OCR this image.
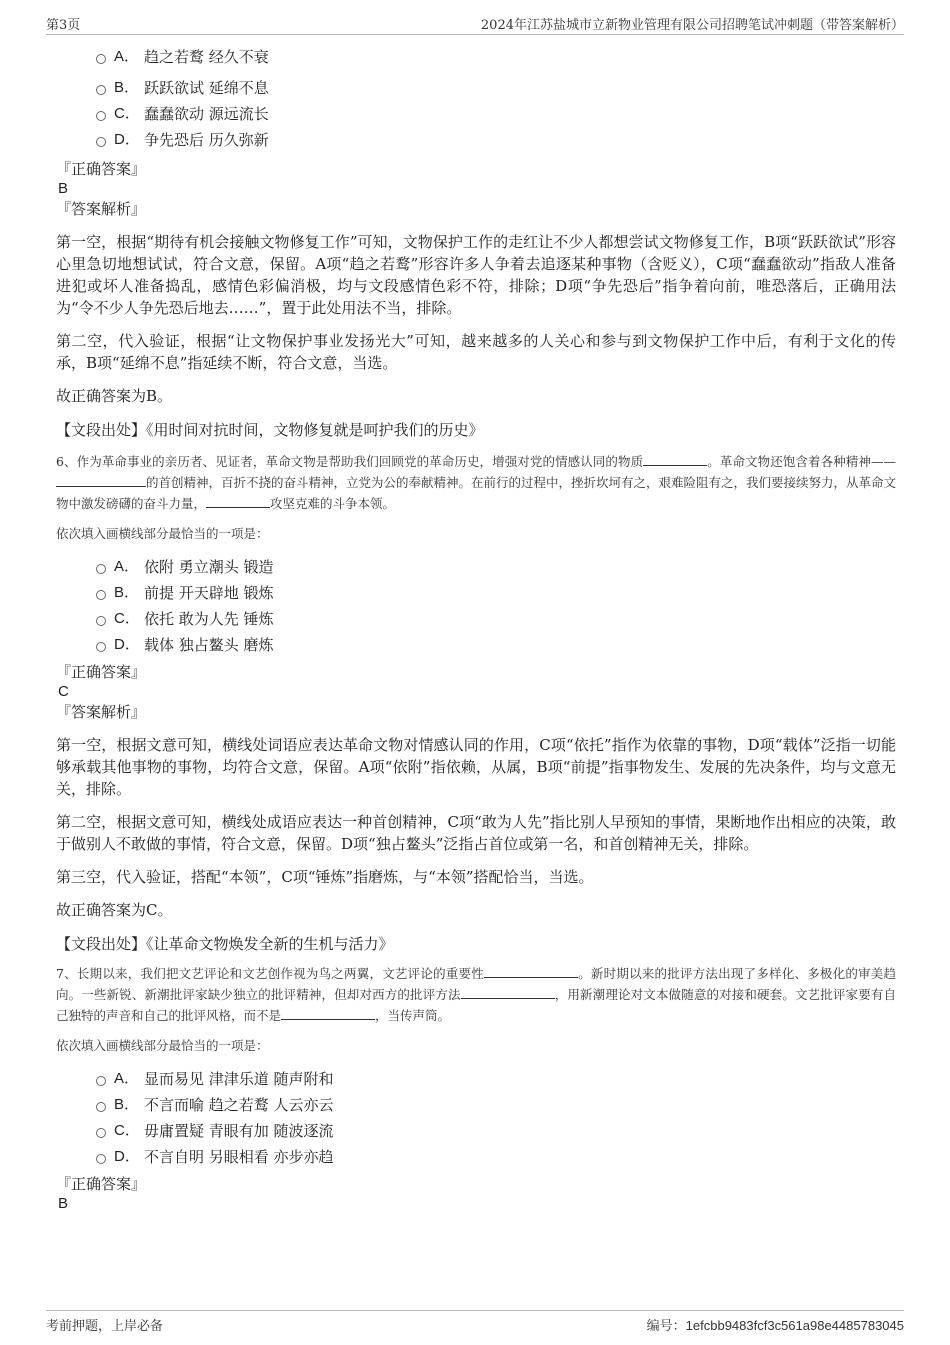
第3页	2024年江苏盐城市立新物业管理有限公司招聘笔试冲刺题（带答案解析）
A． 趋之若鹜 经久不衰
B． 跃跃欲试 延绵不息
C． 蠢蠢欲动 源远流长
D． 争先恐后 历久弥新
『正确答案』
B
『答案解析』

第一空，根据“期待有机会接触文物修复工作”可知，文物保护工作的走红让不少人都想尝试文物修复工作，B项“跃跃欲试”形容心里急切地想试试，符合文意，保留。A项“趋之若鹜”形容许多人争着去追逐某种事物（含贬义），C项“蠢蠢欲动”指敌人准备进犯或坏人准备捣乱，感情色彩偏消极，均与文段感情色彩不符，排除；D项“争先恐后”指争着向前，唯恐落后，正确用法为“令不少人争先恐后地去……”，置于此处用法不当，排除。

第二空，代入验证，根据“让文物保护事业发扬光大”可知，越来越多的人关心和参与到文物保护工作中后，有利于文化的传承，B项“延绵不息”指延续不断，符合文意，当选。

故正确答案为B。

【文段出处】《用时间对抗时间，文物修复就是呵护我们的历史》
6、作为革命事业的亲历者、见证者，革命文物是帮助我们回顾党的革命历史，增强对党的情感认同的物质	。革命文物还饱含着各种精神——的首创精神，百折不挠的奋斗精神，立党为公的奉献精神。在前行的过程中，挫折坎坷有之，艰难险阻有之，我们要接续努力，从革命文物中激发磅礴的奋斗力量，	攻坚克难的斗争本领。
依次填入画横线部分最恰当的一项是：
A． 依附 勇立潮头 锻造
B． 前提 开天辟地 锻炼
C． 依托 敢为人先 锤炼
D． 载体 独占鳌头 磨炼
『正确答案』
C
『答案解析』

第一空，根据文意可知，横线处词语应表达革命文物对情感认同的作用，C项“依托”指作为依靠的事物，D项“载体”泛指一切能够承载其他事物的事物，均符合文意，保留。A项“依附”指依赖，从属，B项“前提”指事物发生、发展的先决条件，均与文意无关，排除。

第二空，根据文意可知，横线处成语应表达一种首创精神，C项“敢为人先”指比别人早预知的事情，果断地作出相应的决策，敢于做别人不敢做的事情，符合文意，保留。D项“独占鳌头”泛指占首位或第一名，和首创精神无关，排除。

第三空，代入验证，搭配“本领”，C项“锤炼”指磨炼，与“本领”搭配恰当，当选。

故正确答案为C。

【文段出处】《让革命文物焕发全新的生机与活力》
7、长期以来，我们把文艺评论和文艺创作视为鸟之两翼，文艺评论的重要性	。新时期以来的批评方法出现了多样化、多极化的审美趋向。一些新锐、新潮批评家缺少独立的批评精神，但却对西方的批评方法	，用新潮理论对文本做随意的对接和硬套。文艺批评家要有自己独特的声音和自己的批评风格，而不是	，当传声筒。
依次填入画横线部分最恰当的一项是：
A． 显而易见 津津乐道 随声附和
B． 不言而喻 趋之若鹜 人云亦云
C． 毋庸置疑 青眼有加 随波逐流
D． 不言自明 另眼相看 亦步亦趋
『正确答案』
B
考前押题，上岸必备	编号：1efcbb9483fcf3c561a98e4485783045
